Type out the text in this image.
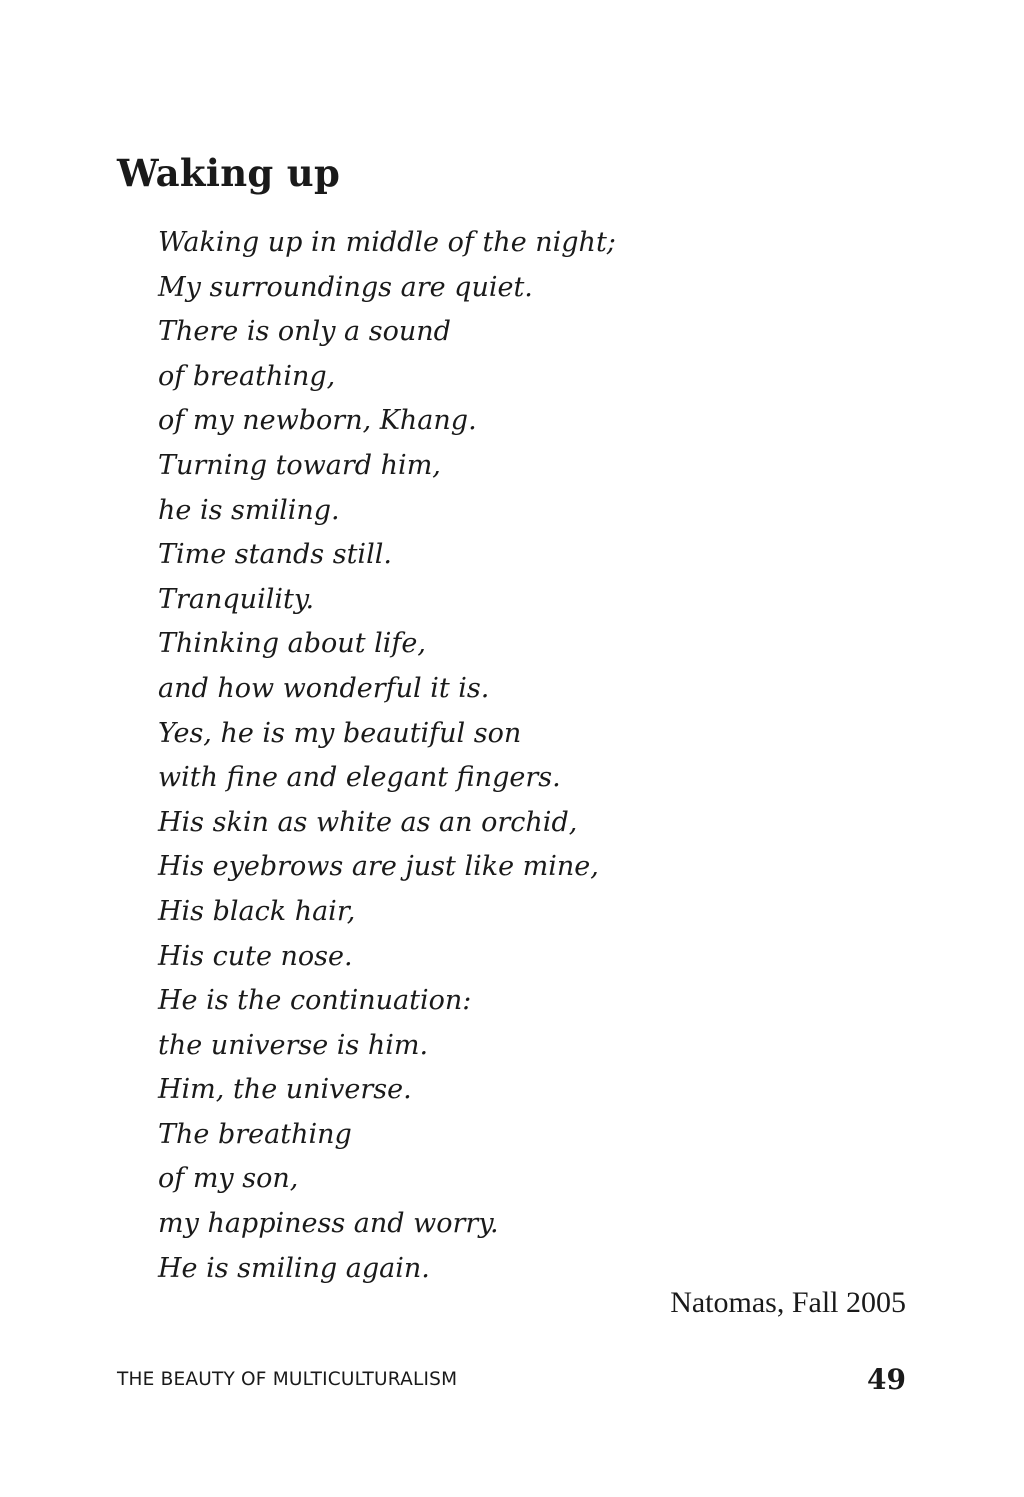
Waking up
Waking up in middle of the night;
My surroundings are quiet.
There is only a sound
of breathing,
of my newborn, Khang.
Turning toward him,
he is smiling.
Time stands still.
Tranquility.
Thinking about life,
and how wonderful it is.
Yes, he is my beautiful son
with fine and elegant fingers.
His skin as white as an orchid,
His eyebrows are just like mine,
His black hair,
His cute nose.
He is the continuation:
the universe is him.
Him, the universe.
The breathing
of my son,
my happiness and worry.
He is smiling again.
Natomas, Fall 2005
THE BEAUTY OF MULTICULTURALISM	49
